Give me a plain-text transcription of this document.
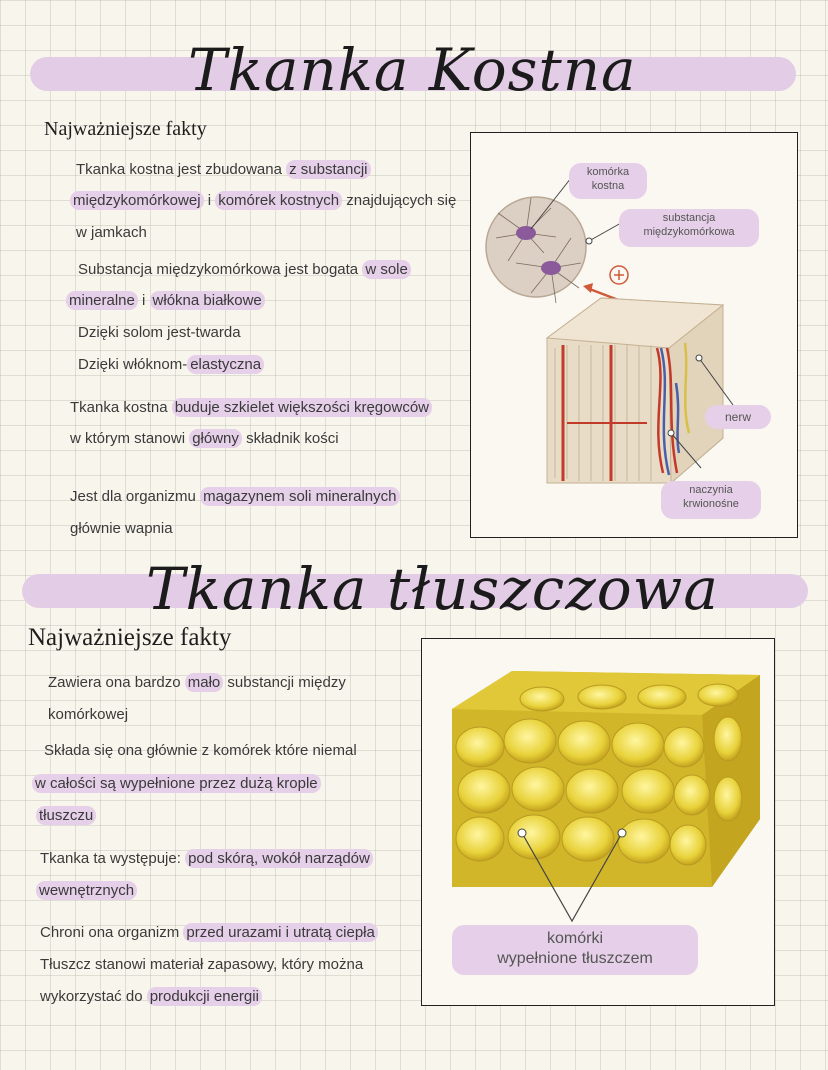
Tkanka Kostna
Najważniejsze fakty
Tkanka kostna jest zbudowana z substancji
międzykomórkowej i komórek kostnych znajdujących się
w jamkach
Substancja międzykomórkowa jest bogata w sole
mineralne i włókna białkowe
Dzięki solom jest-twarda
Dzięki włóknom- elastyczna
Tkanka kostna buduje szkielet większości kręgowców
w którym stanowi główny składnik kości
Jest dla organizmu magazynem soli mineralnych
głównie wapnia
komórka
kostna
substancja
międzykomórkowa
nerw
naczynia
krwionośne
Tkanka tłuszczowa
Najważniejsze fakty
Zawiera ona bardzo mało substancji między
komórkowej
Składa się ona głównie z komórek które niemal
w całości są wypełnione przez dużą krople
tłuszczu
Tkanka ta występuje: pod skórą, wokół narządów
wewnętrznych
Chroni ona organizm przed urazami i utratą ciepła
Tłuszcz stanowi materiał zapasowy, który można
wykorzystać do produkcji energii
komórki
wypełnione tłuszczem
